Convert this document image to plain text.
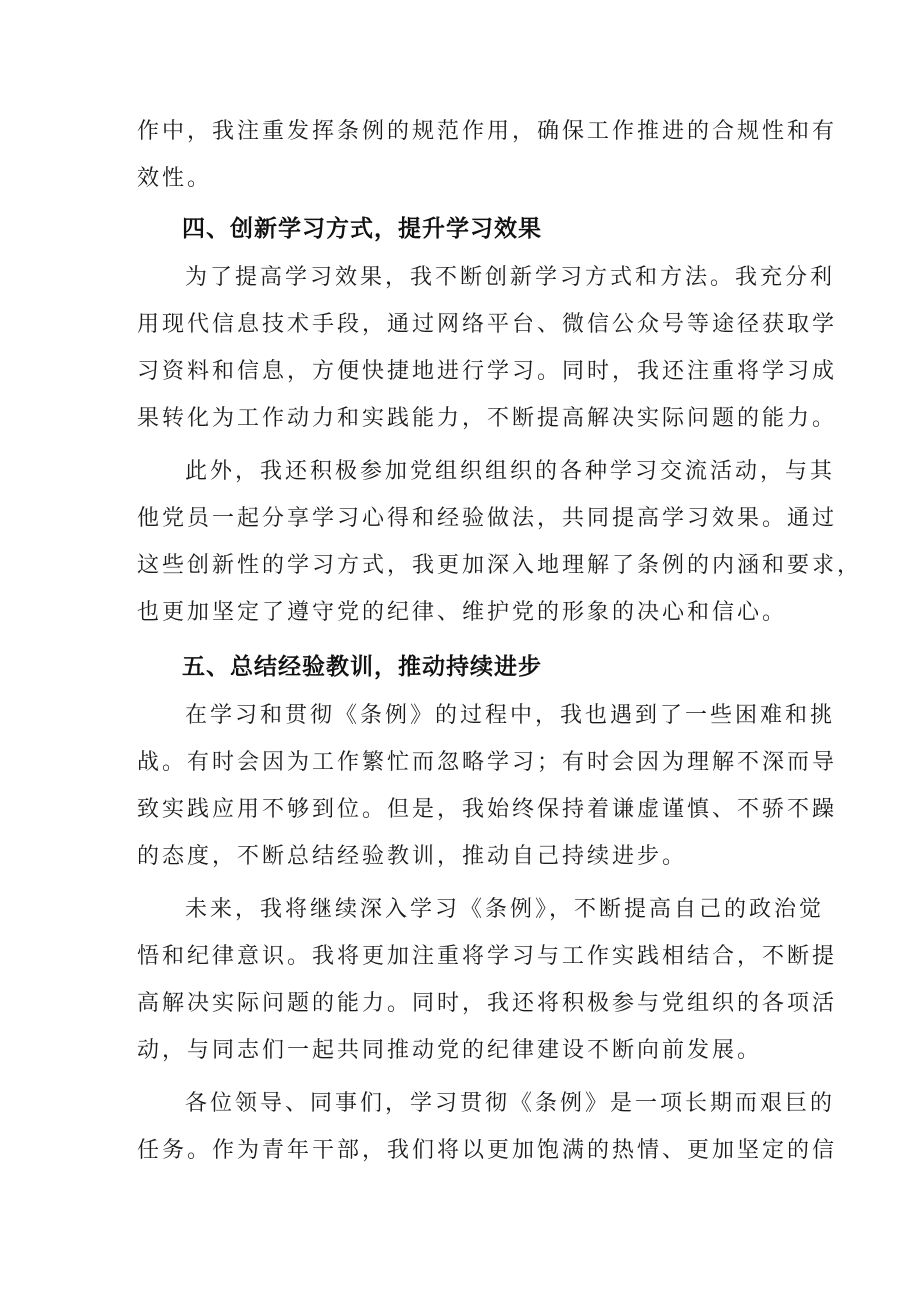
作中，我注重发挥条例的规范作用，确保工作推进的合规性和有
效性。
四、创新学习方式，提升学习效果
为了提高学习效果，我不断创新学习方式和方法。我充分利
用现代信息技术手段，通过网络平台、微信公众号等途径获取学
习资料和信息，方便快捷地进行学习。同时，我还注重将学习成
果转化为工作动力和实践能力，不断提高解决实际问题的能力。
此外，我还积极参加党组织组织的各种学习交流活动，与其
他党员一起分享学习心得和经验做法，共同提高学习效果。通过
这些创新性的学习方式，我更加深入地理解了条例的内涵和要求，
也更加坚定了遵守党的纪律、维护党的形象的决心和信心。
五、总结经验教训，推动持续进步
在学习和贯彻《条例》的过程中，我也遇到了一些困难和挑
战。有时会因为工作繁忙而忽略学习；有时会因为理解不深而导
致实践应用不够到位。但是，我始终保持着谦虚谨慎、不骄不躁
的态度，不断总结经验教训，推动自己持续进步。
未来，我将继续深入学习《条例》，不断提高自己的政治觉
悟和纪律意识。我将更加注重将学习与工作实践相结合，不断提
高解决实际问题的能力。同时，我还将积极参与党组织的各项活
动，与同志们一起共同推动党的纪律建设不断向前发展。
各位领导、同事们，学习贯彻《条例》是一项长期而艰巨的
任务。作为青年干部，我们将以更加饱满的热情、更加坚定的信
